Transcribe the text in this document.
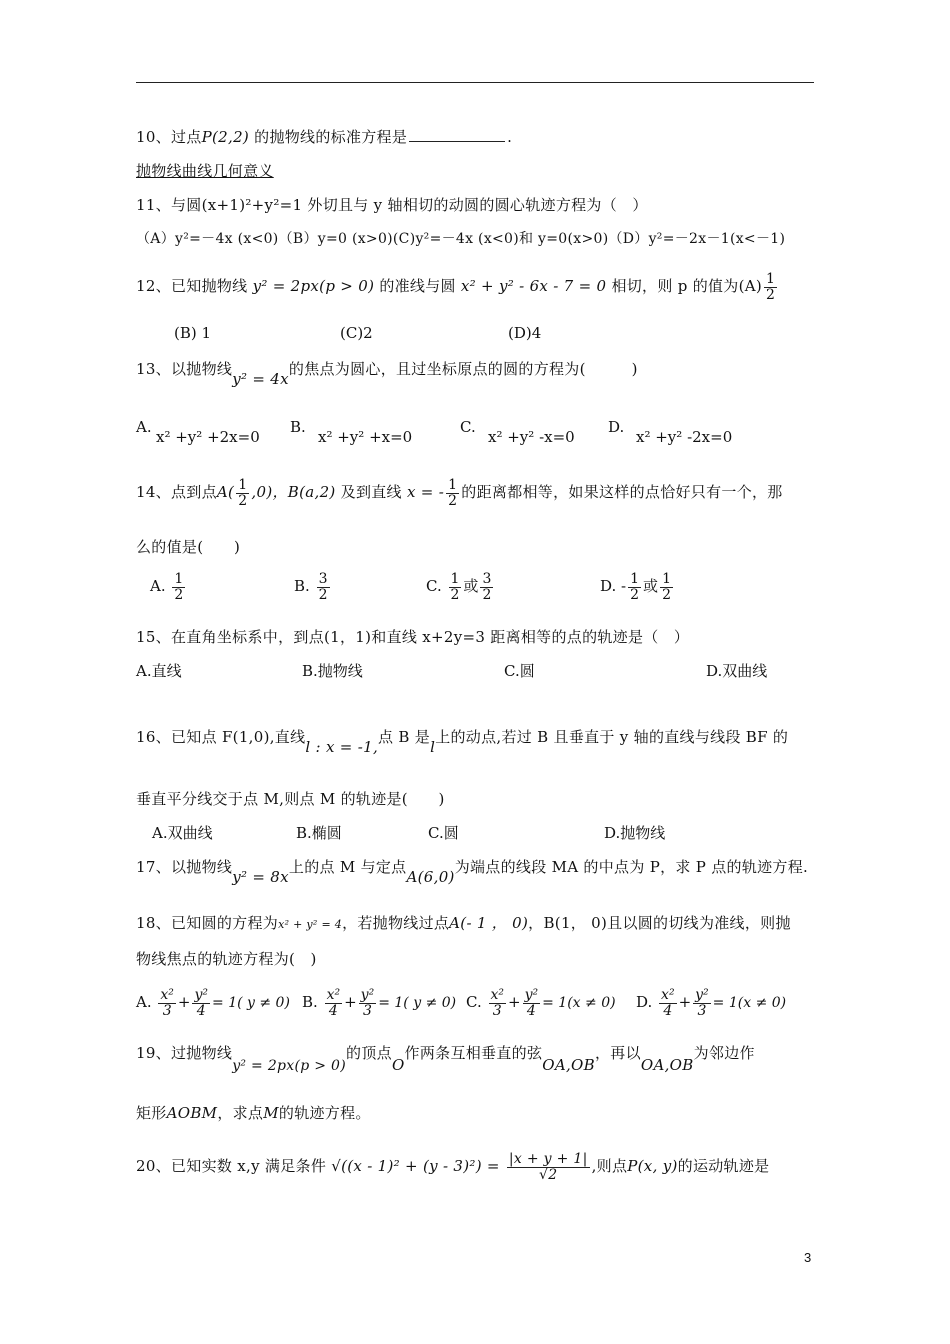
10、过点P(2,2) 的抛物线的标准方程是	.
抛物线曲线几何意义
11、与圆(x+1)²+y²=1 外切且与 y 轴相切的动圆的圆心轨迹方程为（　）
（A）y²=－4x (x<0)（B）y=0 (x>0)(C)y²=－4x (x<0)和 y=0(x>0)（D）y²=－2x－1(x<－1)
12、已知抛物线 y² = 2px(p > 0) 的准线与圆 x² + y² - 6x - 7 = 0 相切，则 p 的值为$(A) \frac{1}{2}$
(B) 1	(C)2	(D)4
13、以抛物线y² = 4x的焦点为圆心，且过坐标原点的圆的方程为(　　　)
A.
x² +y² +2x=0
B.
x² +y² +x=0
C.
x² +y² -x=0
D.
x² +y² -2x=0
14、点到点$A( \frac{1}{2} ,0)$，B(a,2) 及到直线 x = - $\frac{1}{2}$ 的距离都相等，如果这样的点恰好只有一个，那
么的值是(　　)
A. $\frac{1}{2}$	B. $\frac{3}{2}$	C. $\frac{1}{2}$ 或 $\frac{3}{2}$	D. - $\frac{1}{2}$ 或 $\frac{1}{2}$
15、在直角坐标系中，到点(1，1)和直线 x+2y=3 距离相等的点的轨迹是（　）
A.直线	B.抛物线	C.圆	D.双曲线
16、已知点 F(1,0),直线l : x = -1,点 B 是l上的动点,若过 B 且垂直于 y 轴的直线与线段 BF 的
垂直平分线交于点 M,则点 M 的轨迹是(　　)
A.双曲线	B.椭圆	C.圆	D.抛物线
17、以抛物线y² = 8x上的点 M 与定点A(6,0)为端点的线段 MA 的中点为 P，求 P 点的轨迹方程.
18、已知圆的方程为x² + y² = 4，若抛物线过点A(- 1 ， 0)，B(1， 0)且以圆的切线为准线，则抛
物线焦点的轨迹方程为(　)
A. $\frac{\text{x²}}{3} + \frac{\text{y²}}{4} = 1$( y ≠ 0) B. $\frac{\text{x²}}{4} + \frac{\text{y²}}{3} = 1$( y ≠ 0) C. $\frac{\text{x²}}{3} + \frac{\text{y²}}{4} = 1(x \ne 0)$ D. $\frac{\text{x²}}{4} + \frac{\text{y²}}{3} = 1(x \ne 0)$
19、过抛物线y² = 2px(p > 0)的顶点O作两条互相垂直的弦OA,OB，再以OA,OB为邻边作
矩形AOBM，求点M的轨迹方程。
20、已知实数 x,y 满足条件 $√((x - 1)^2 + (y - 3)^2) = \frac{|x + y + 1|}{√2}$ ,则点P(x, y)的运动轨迹是
3
